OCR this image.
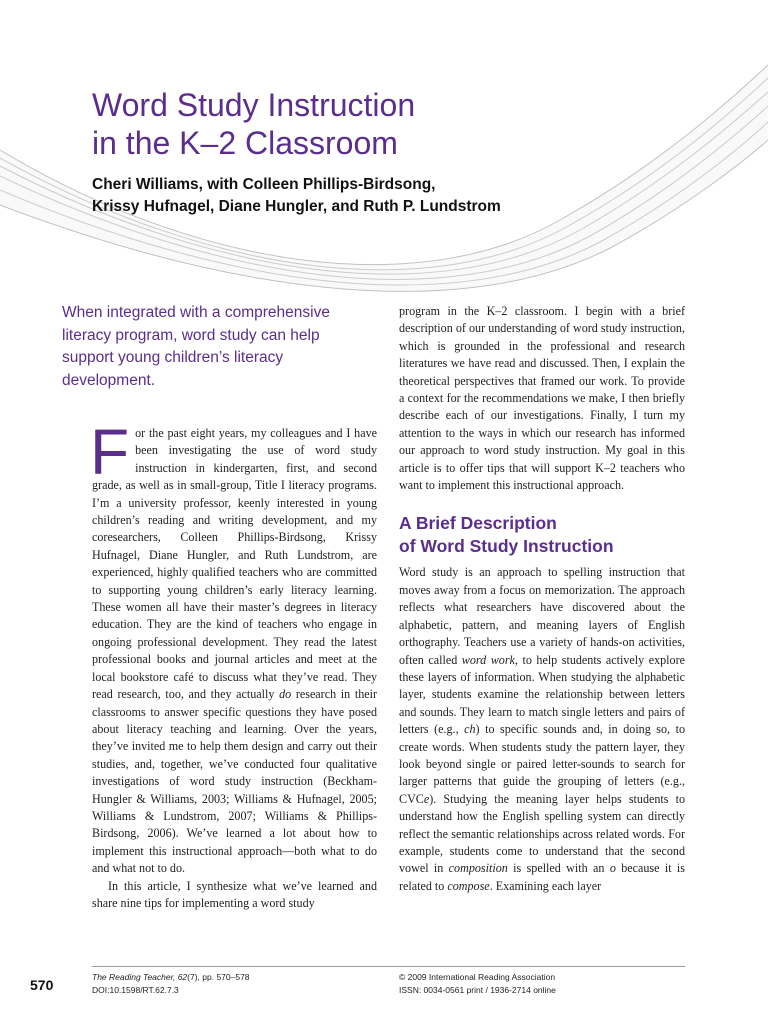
Word Study Instruction
in the K–2 Classroom

Cheri Williams, with Colleen Phillips-Birdsong,
Krissy Hufnagel, Diane Hungler, and Ruth P. Lundstrom

When integrated with a comprehensive literacy program, word study can help support young children’s literacy development.

For the past eight years, my colleagues and I have been investigating the use of word study instruction in kindergarten, first, and second grade, as well as in small-group, Title I literacy programs. I’m a university professor, keenly interested in young children’s reading and writing development, and my coresearchers, Colleen Phillips-Birdsong, Krissy Hufnagel, Diane Hungler, and Ruth Lundstrom, are experienced, highly qualified teachers who are committed to supporting young children’s early literacy learning. These women all have their master’s degrees in literacy education. They are the kind of teachers who engage in ongoing professional development. They read the latest professional books and journal articles and meet at the local bookstore café to discuss what they’ve read. They read research, too, and they actually do research in their classrooms to answer specific questions they have posed about literacy teaching and learning. Over the years, they’ve invited me to help them design and carry out their studies, and, together, we’ve conducted four qualitative investigations of word study instruction (Beckham-Hungler & Williams, 2003; Williams & Hufnagel, 2005; Williams & Lundstrom, 2007; Williams & Phillips-Birdsong, 2006). We’ve learned a lot about how to implement this instructional approach—both what to do and what not to do.

In this article, I synthesize what we’ve learned and share nine tips for implementing a word study

program in the K–2 classroom. I begin with a brief description of our understanding of word study instruction, which is grounded in the professional and research literatures we have read and discussed. Then, I explain the theoretical perspectives that framed our work. To provide a context for the recommendations we make, I then briefly describe each of our investigations. Finally, I turn my attention to the ways in which our research has informed our approach to word study instruction. My goal in this article is to offer tips that will support K–2 teachers who want to implement this instructional approach.

A Brief Description
of Word Study Instruction

Word study is an approach to spelling instruction that moves away from a focus on memorization. The approach reflects what researchers have discovered about the alphabetic, pattern, and meaning layers of English orthography. Teachers use a variety of hands-on activities, often called word work, to help students actively explore these layers of information. When studying the alphabetic layer, students examine the relationship between letters and sounds. They learn to match single letters and pairs of letters (e.g., ch) to specific sounds and, in doing so, to create words. When students study the pattern layer, they look beyond single or paired letter-sounds to search for larger patterns that guide the grouping of letters (e.g., CVCe). Studying the meaning layer helps students to understand how the English spelling system can directly reflect the semantic relationships across related words. For example, students come to understand that the second vowel in composition is spelled with an o because it is related to compose. Examining each layer

570	The Reading Teacher, 62(7), pp. 570–578
DOI:10.1598/RT.62.7.3
© 2009 International Reading Association
ISSN: 0034-0561 print / 1936-2714 online
